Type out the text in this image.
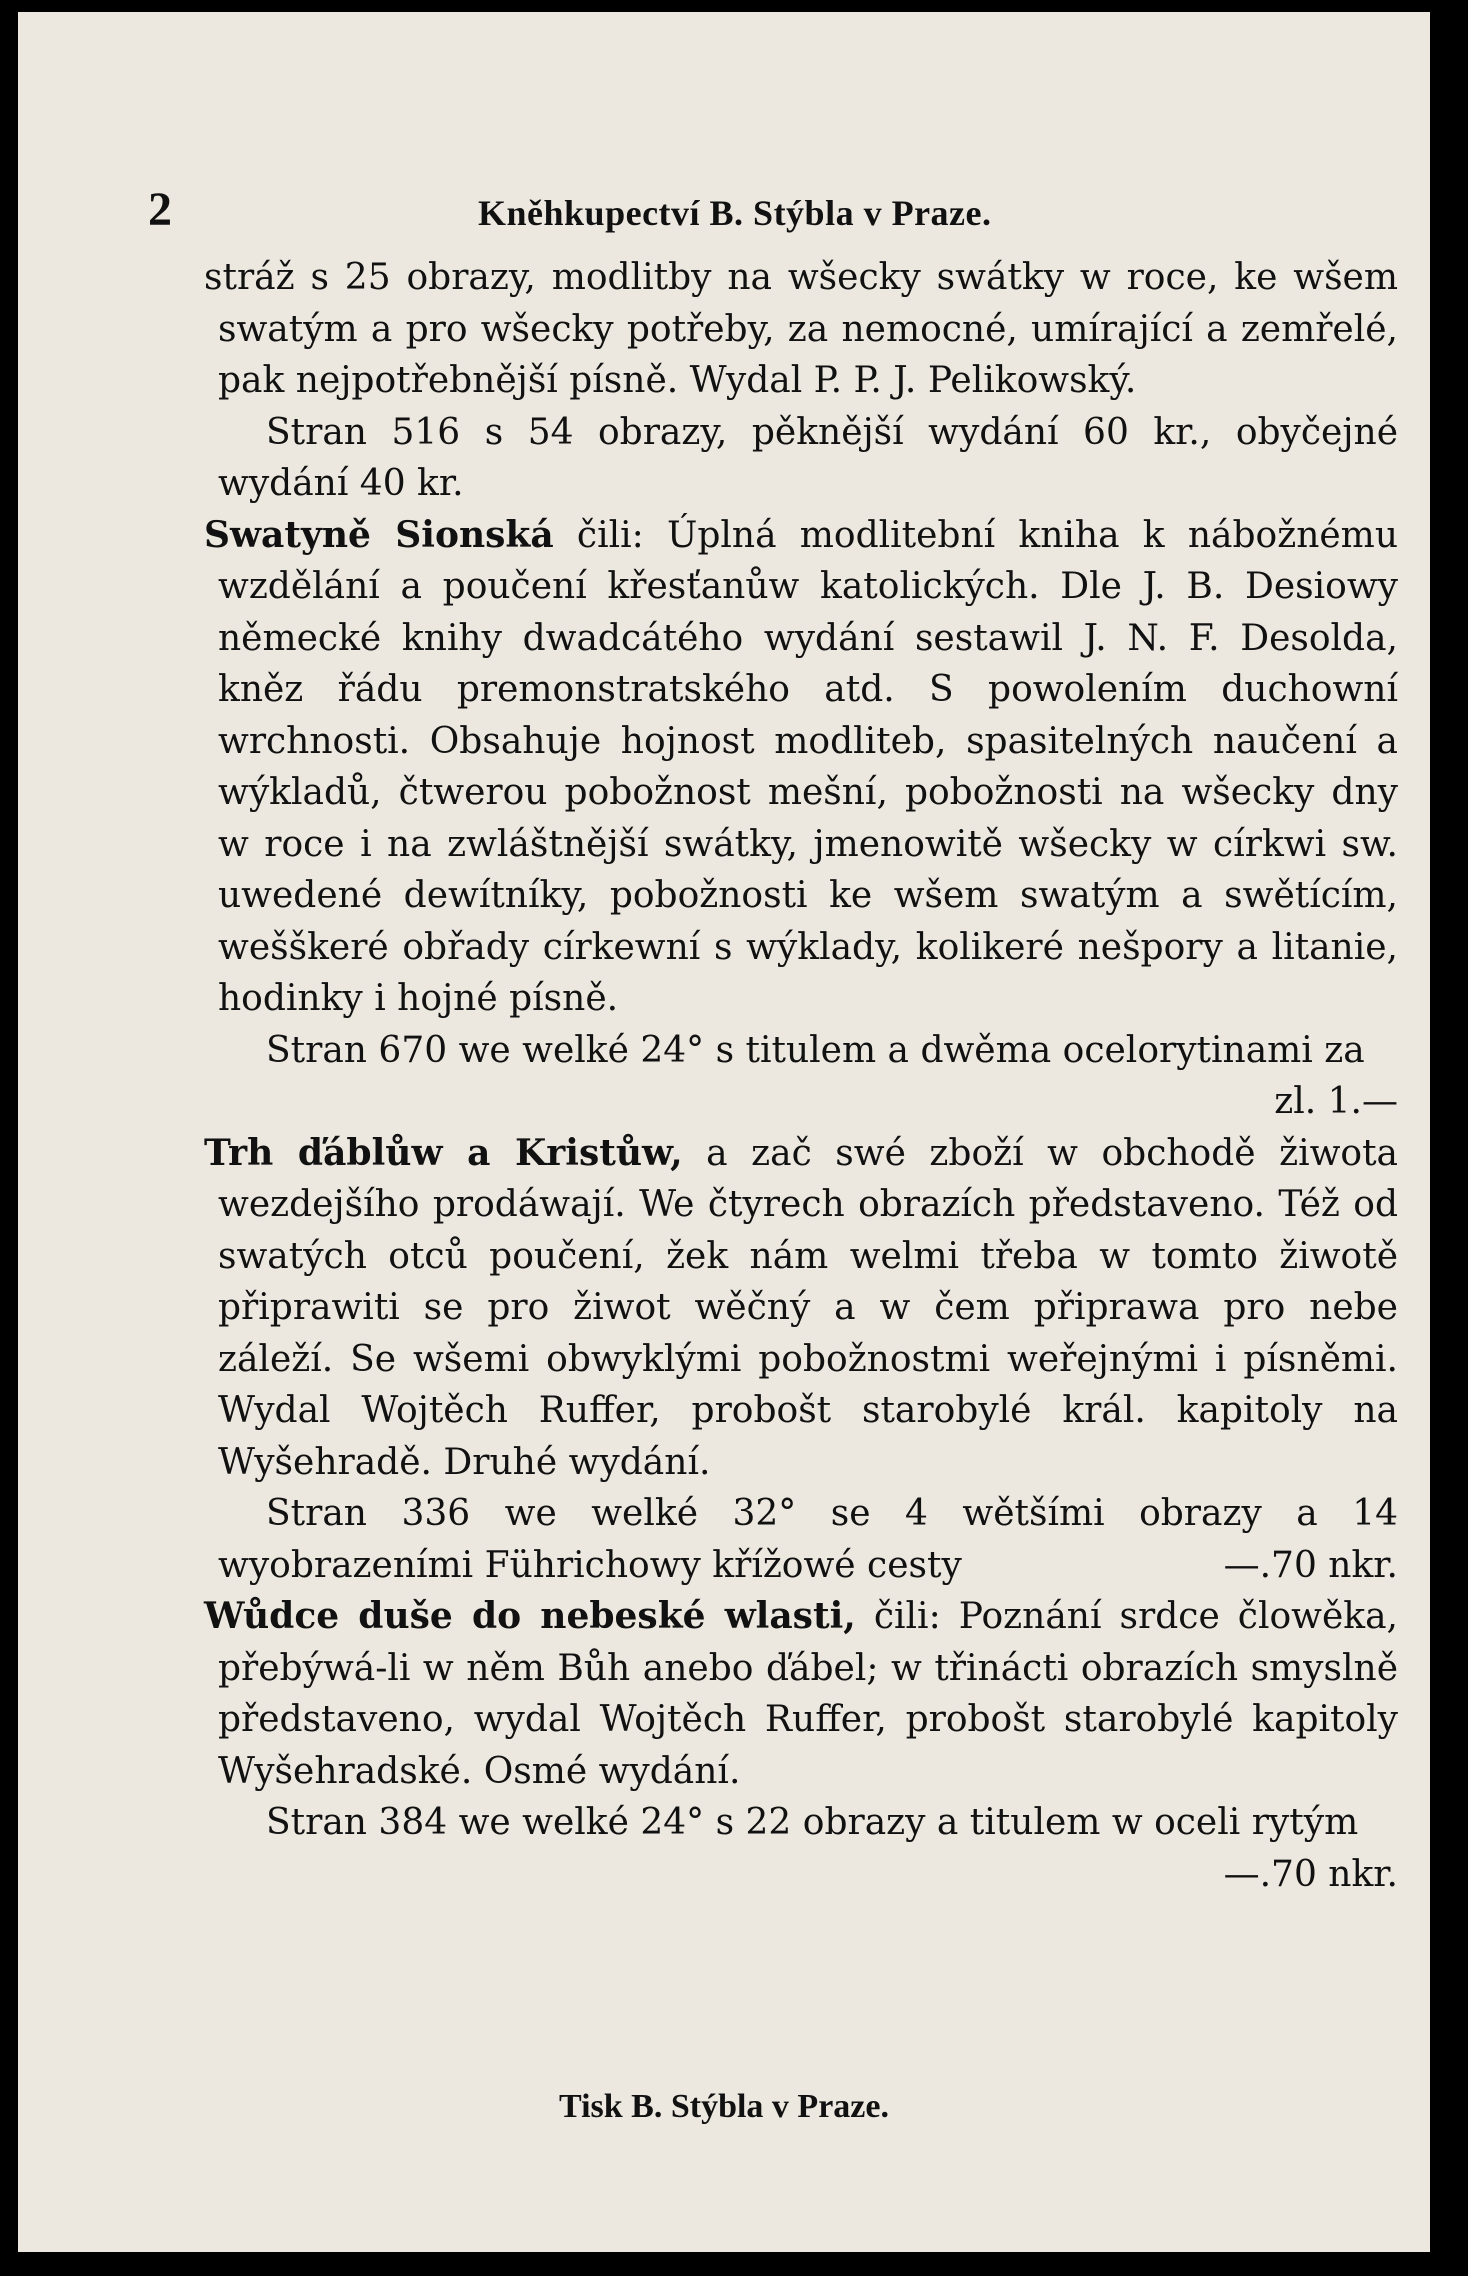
2	Kněhkupectví B. Stýbla v Praze.

stráž s 25 obrazy, modlitby na wšecky swátky w roce, ke wšem swatým a pro wšecky potřeby, za nemocné, umírající a zemřelé, pak nejpotřebnější písně. Wydal P. P. J. Pelikowský.

Stran 516 s 54 obrazy, pěknější wydání 60 kr., obyčejné wydání 40 kr.

Swatyně Sionská čili: Úplná modlitební kniha k nábožnému wzdělání a poučení křesťanůw katolických. Dle J. B. Desiowy německé knihy dwadcátého wydání sestawil J. N. F. Desolda, kněz řádu premonstratského atd. S powolením duchowní wrchnosti. Obsahuje hojnost modliteb, spasitelných naučení a wýkladů, čtwerou pobožnost mešní, pobožnosti na wšecky dny w roce i na zwláštnější swátky, jmenowitě wšecky w církwi sw. uwedené dewítníky, pobožnosti ke wšem swatým a swětícím, wešškeré obřady církewní s wýklady, kolikeré nešpory a litanie, hodinky i hojné písně.

Stran 670 we welké 24° s titulem a dwěma ocelorytinami za
zl. 1.—

Trh ďáblůw a Kristůw, a zač swé zboží w obchodě žiwota wezdejšího prodáwají. We čtyrech obrazích představeno. Též od swatých otců poučení, žek nám welmi třeba w tomto žiwotě připrawiti se pro žiwot wěčný a w čem připrawa pro nebe záleží. Se wšemi obwyklými pobožnostmi weřejnými i písněmi. Wydal Wojtěch Ruffer, probošt starobylé král. kapitoly na Wyšehradě. Druhé wydání.

Stran 336 we welké 32° se 4 wětšími obrazy a 14 wyobrazeními Führichowy křížowé cesty	—.70 nkr.

Wůdce duše do nebeské wlasti, čili: Poznání srdce člowěka, přebýwá-li w něm Bůh anebo ďábel; w třinácti obrazích smyslně představeno, wydal Wojtěch Ruffer, probošt starobylé kapitoly Wyšehradské. Osmé wydání.

Stran 384 we welké 24° s 22 obrazy a titulem w oceli rytým
—.70 nkr.

Tisk B. Stýbla v Praze.
